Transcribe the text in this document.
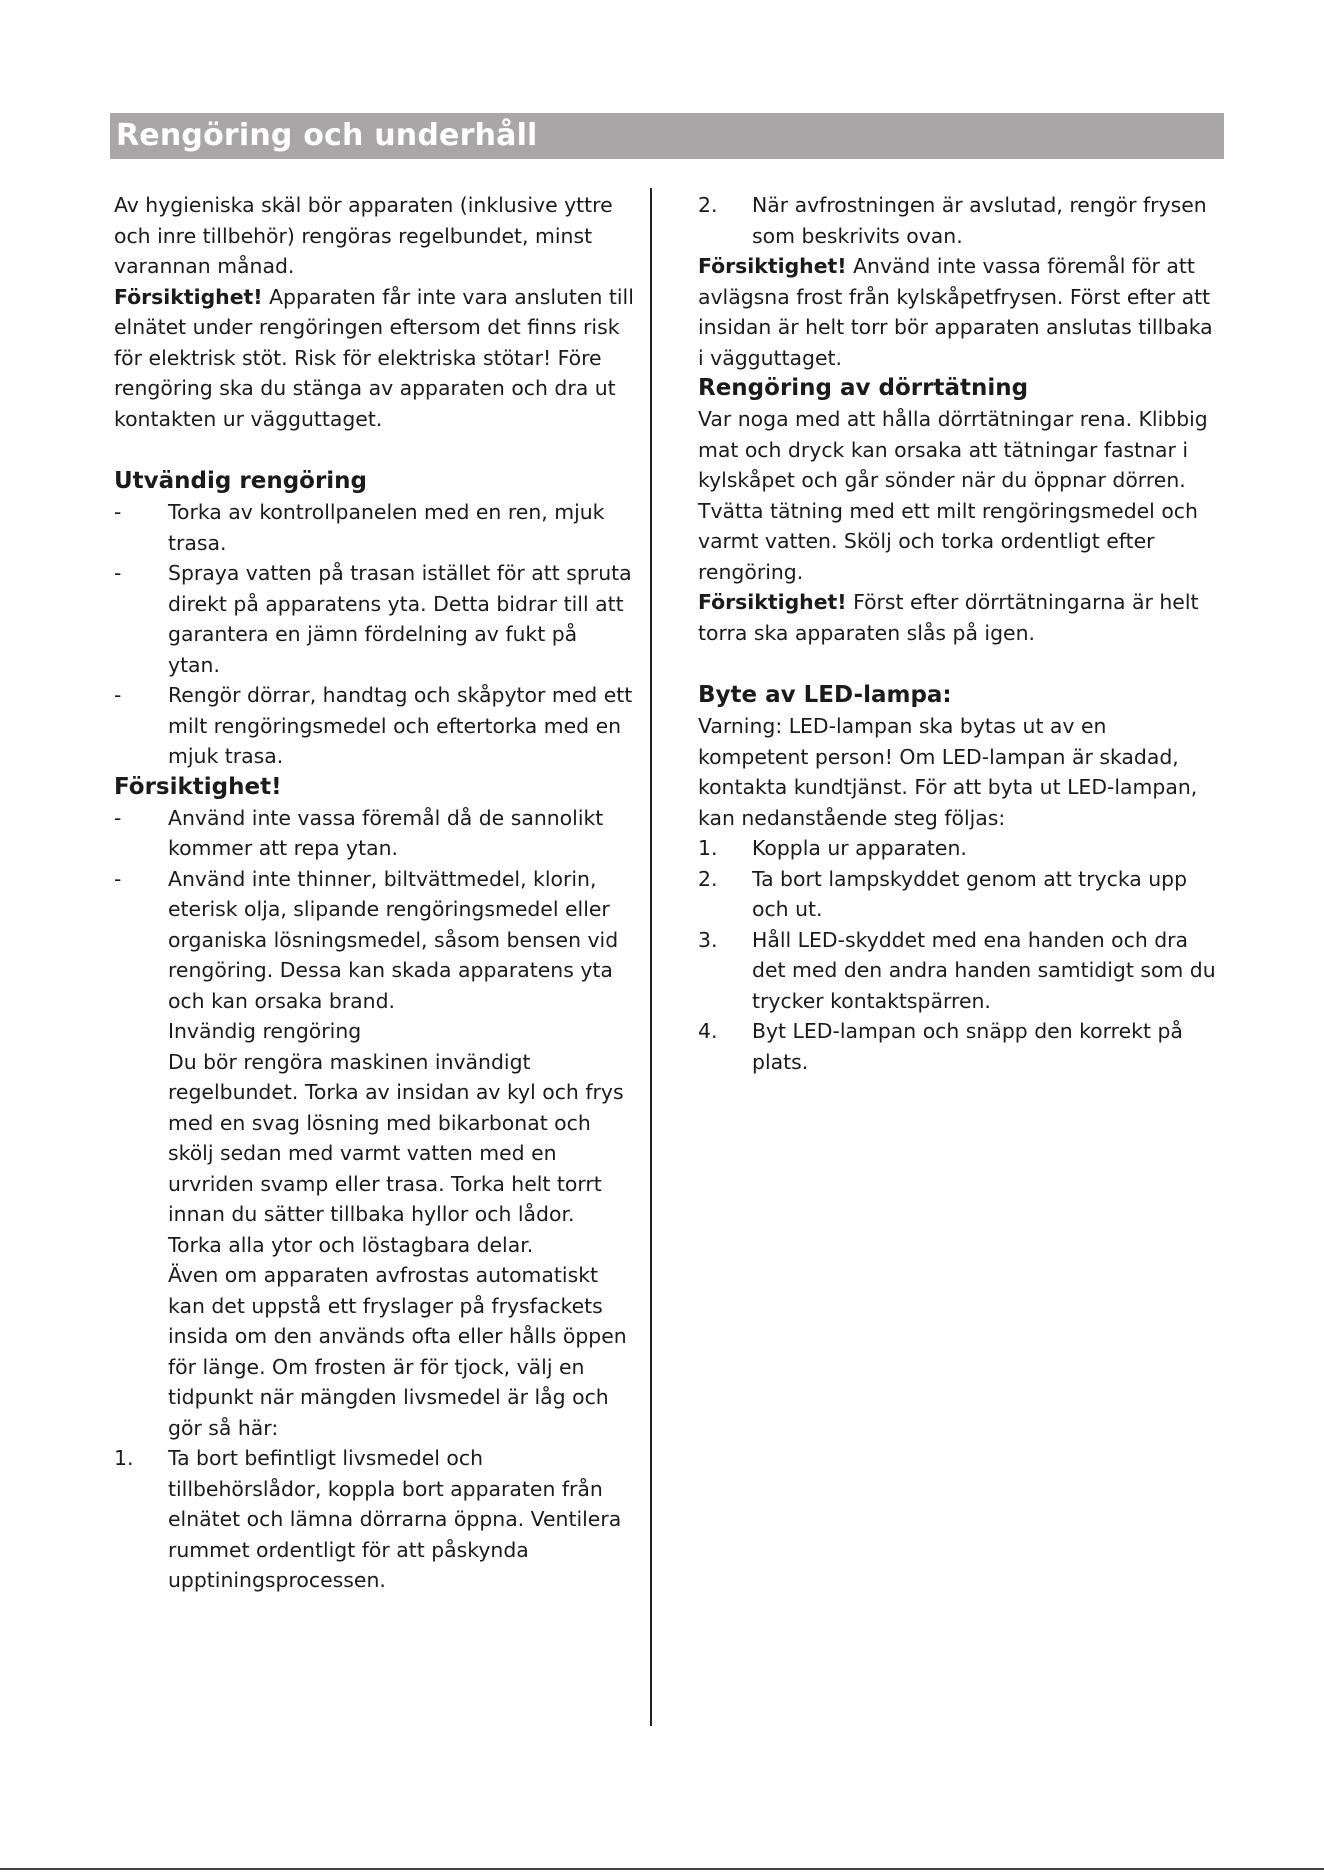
Rengöring och underhåll

Av hygieniska skäl bör apparaten (inklusive yttre och inre tillbehör) rengöras regelbundet, minst varannan månad.

Försiktighet! Apparaten får inte vara ansluten till elnätet under rengöringen eftersom det finns risk för elektrisk stöt. Risk för elektriska stötar! Före rengöring ska du stänga av apparaten och dra ut kontakten ur vägguttaget.

Utvändig rengöring
-	Torka av kontrollpanelen med en ren, mjuk trasa.
-	Spraya vatten på trasan istället för att spruta direkt på apparatens yta. Detta bidrar till att garantera en jämn fördelning av fukt på ytan.
-	Rengör dörrar, handtag och skåpytor med ett milt rengöringsmedel och eftertorka med en mjuk trasa.
Försiktighet!
-	Använd inte vassa föremål då de sannolikt kommer att repa ytan.
-	Använd inte thinner, biltvättmedel, klorin, eterisk olja, slipande rengöringsmedel eller organiska lösningsmedel, såsom bensen vid rengöring. Dessa kan skada apparatens yta och kan orsaka brand.

Invändig rengöring

Du bör rengöra maskinen invändigt regelbundet. Torka av insidan av kyl och frys med en svag lösning med bikarbonat och skölj sedan med varmt vatten med en urvriden svamp eller trasa. Torka helt torrt innan du sätter tillbaka hyllor och lådor. Torka alla ytor och löstagbara delar.

Även om apparaten avfrostas automatiskt kan det uppstå ett fryslager på frysfackets insida om den används ofta eller hålls öppen för länge. Om frosten är för tjock, välj en tidpunkt när mängden livsmedel är låg och gör så här:

1.	Ta bort befintligt livsmedel och tillbehörslådor, koppla bort apparaten från elnätet och lämna dörrarna öppna. Ventilera rummet ordentligt för att påskynda upptiningsprocessen.
2.	När avfrostningen är avslutad, rengör frysen som beskrivits ovan.

Försiktighet! Använd inte vassa föremål för att avlägsna frost från kylskåpetfrysen. Först efter att insidan är helt torr bör apparaten anslutas tillbaka i vägguttaget.

Rengöring av dörrtätning

Var noga med att hålla dörrtätningar rena. Klibbig mat och dryck kan orsaka att tätningar fastnar i kylskåpet och går sönder när du öppnar dörren. Tvätta tätning med ett milt rengöringsmedel och varmt vatten. Skölj och torka ordentligt efter rengöring.

Försiktighet! Först efter dörrtätningarna är helt torra ska apparaten slås på igen.

Byte av LED-lampa:

Varning: LED-lampan ska bytas ut av en kompetent person! Om LED-lampan är skadad, kontakta kundtjänst. För att byta ut LED-lampan, kan nedanstående steg följas:

1.	Koppla ur apparaten.
2.	Ta bort lampskyddet genom att trycka upp och ut.
3.	Håll LED-skyddet med ena handen och dra det med den andra handen samtidigt som du trycker kontaktspärren.
4.	Byt LED-lampan och snäpp den korrekt på plats.
